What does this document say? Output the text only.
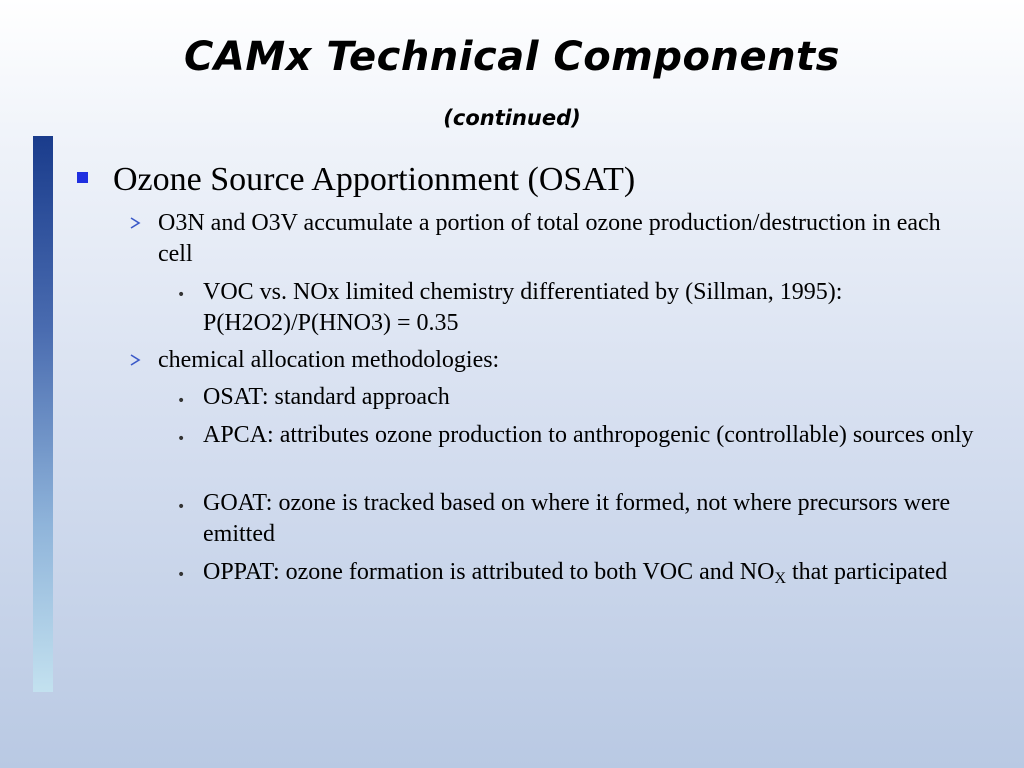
CAMx Technical Components
(continued)
Ozone Source Apportionment (OSAT)
O3N and O3V accumulate a portion of total ozone production/destruction in each cell
• VOC vs. NOx limited chemistry differentiated by (Sillman, 1995): P(H2O2)/P(HNO3) = 0.35
chemical allocation methodologies:
• OSAT: standard approach
• APCA: attributes ozone production to anthropogenic (controllable) sources only
• GOAT: ozone is tracked based on where it formed, not where precursors were emitted
• OPPAT: ozone formation is attributed to both VOC and $NO_X$ that participated
